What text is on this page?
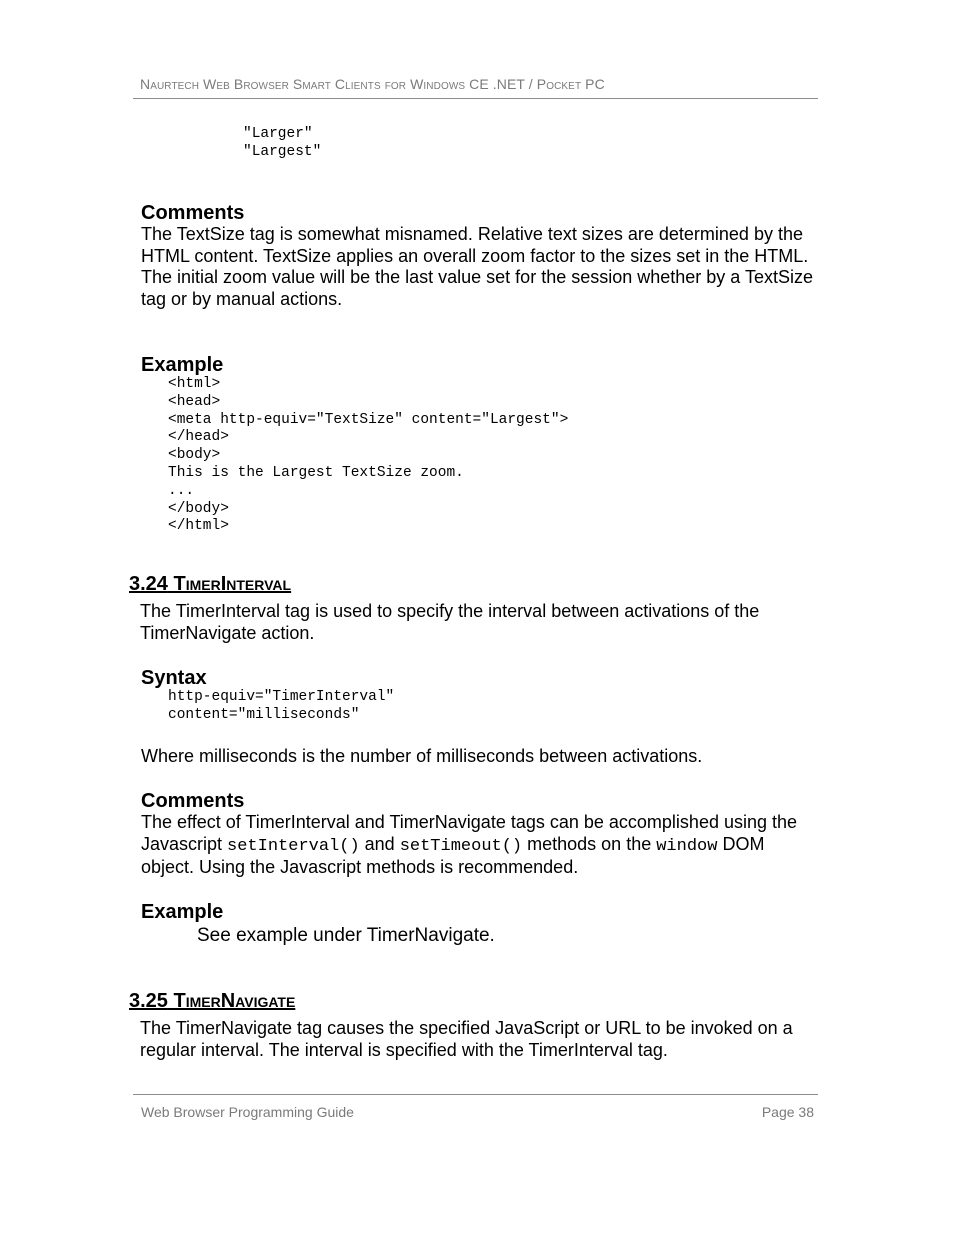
Naurtech Web Browser Smart Clients for Windows CE .NET / Pocket PC
"Larger"
"Largest"
Comments
The TextSize tag is somewhat misnamed. Relative text sizes are determined by the HTML content. TextSize applies an overall zoom factor to the sizes set in the HTML. The initial zoom value will be the last value set for the session whether by a TextSize tag or by manual actions.
Example
<html>
<head>
<meta http-equiv="TextSize" content="Largest">
</head>
<body>
This is the Largest TextSize zoom.
...
</body>
</html>
3.24 TimerInterval
The TimerInterval tag is used to specify the interval between activations of the TimerNavigate action.
Syntax
http-equiv="TimerInterval"
content="milliseconds"
Where milliseconds is the number of milliseconds between activations.
Comments
The effect of TimerInterval and TimerNavigate tags can be accomplished using the Javascript setInterval() and setTimeout() methods on the window DOM object. Using the Javascript methods is recommended.
Example
See example under TimerNavigate.
3.25 TimerNavigate
The TimerNavigate tag causes the specified JavaScript or URL to be invoked on a regular interval. The interval is specified with the TimerInterval tag.
Web Browser Programming Guide	Page 38
